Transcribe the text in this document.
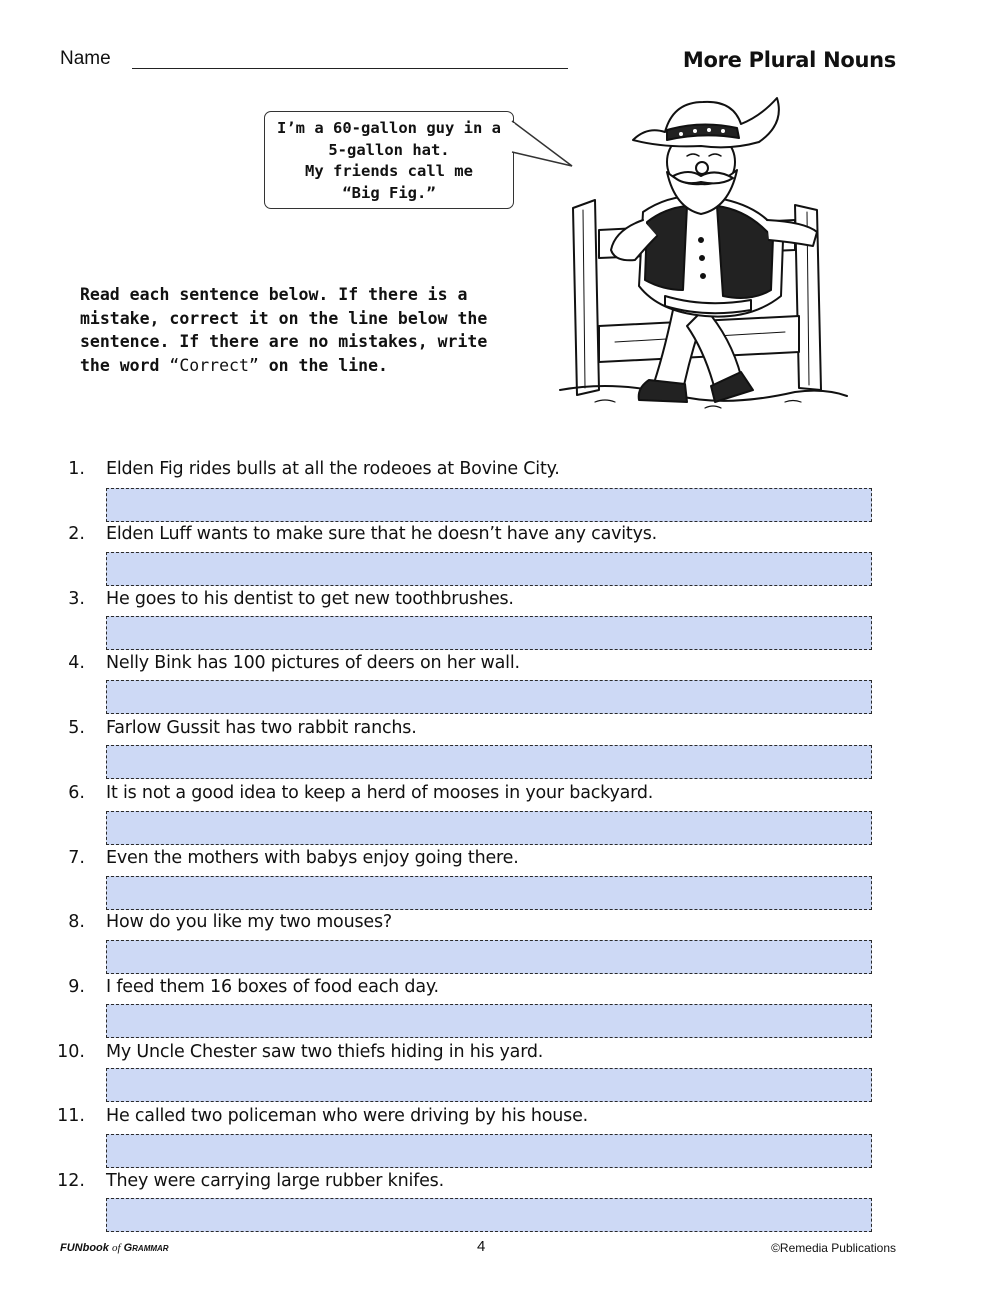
Name	More Plural Nouns
I’m a 60-gallon guy in a
5-gallon hat.
My friends call me
“Big Fig.”
Read each sentence below. If there is a
mistake, correct it on the line below the
sentence. If there are no mistakes, write
the word “Correct” on the line.
1. Elden Fig rides bulls at all the rodeoes at Bovine City.
2. Elden Luff wants to make sure that he doesn’t have any cavitys.
3. He goes to his dentist to get new toothbrushes.
4. Nelly Bink has 100 pictures of deers on her wall.
5. Farlow Gussit has two rabbit ranchs.
6. It is not a good idea to keep a herd of mooses in your backyard.
7. Even the mothers with babys enjoy going there.
8. How do you like my two mouses?
9. I feed them 16 boxes of food each day.
10. My Uncle Chester saw two thiefs hiding in his yard.
11. He called two policeman who were driving by his house.
12. They were carrying large rubber knifes.
FUNbook of Grammar	4	©Remedia Publications
